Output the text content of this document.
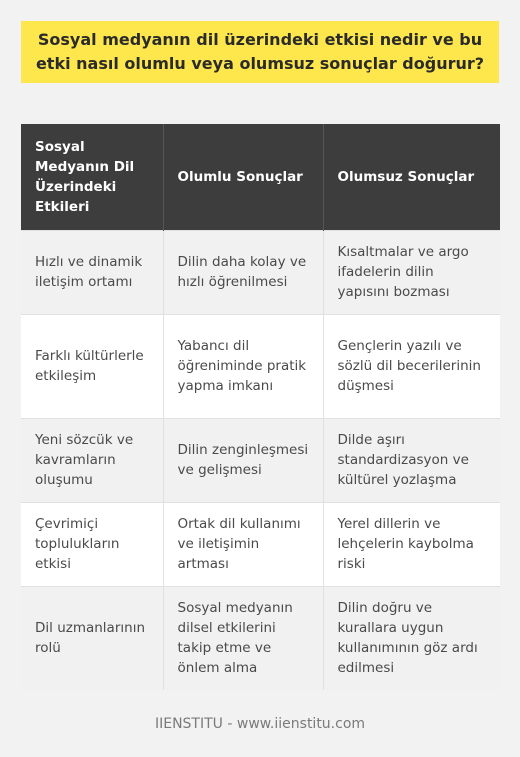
Sosyal medyanın dil üzerindeki etkisi nedir ve bu etki nasıl olumlu veya olumsuz sonuçlar doğurur?
Sosyal Medyanın Dil Üzerindeki Etkileri	Olumlu Sonuçlar	Olumsuz Sonuçlar
Hızlı ve dinamik iletişim ortamı	Dilin daha kolay ve hızlı öğrenilmesi	Kısaltmalar ve argo ifadelerin dilin yapısını bozması
Farklı kültürlerle etkileşim	Yabancı dil öğreniminde pratik yapma imkanı	Gençlerin yazılı ve sözlü dil becerilerinin düşmesi
Yeni sözcük ve kavramların oluşumu	Dilin zenginleşmesi ve gelişmesi	Dilde aşırı standardizasyon ve kültürel yozlaşma
Çevrimiçi toplulukların etkisi	Ortak dil kullanımı ve iletişimin artması	Yerel dillerin ve lehçelerin kaybolma riski
Dil uzmanlarının rolü	Sosyal medyanın dilsel etkilerini takip etme ve önlem alma	Dilin doğru ve kurallara uygun kullanımının göz ardı edilmesi
IIENSTITU - www.iienstitu.com
